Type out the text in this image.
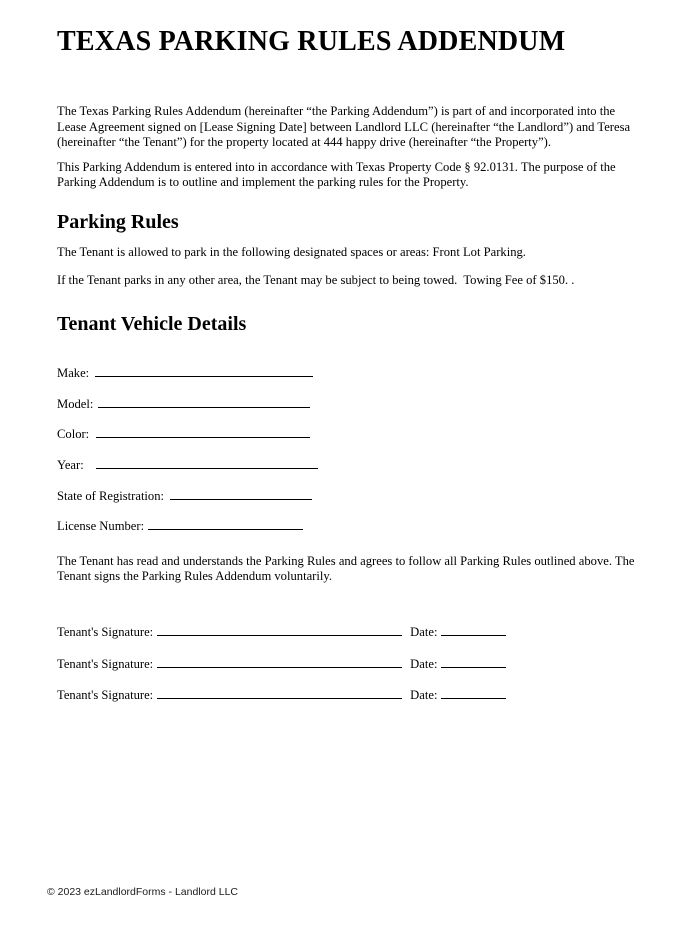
TEXAS PARKING RULES ADDENDUM

The Texas Parking Rules Addendum (hereinafter “the Parking Addendum”) is part of and incorporated into the Lease Agreement signed on [Lease Signing Date] between Landlord LLC (hereinafter “the Landlord”) and Teresa (hereinafter “the Tenant”) for the property located at 444 happy drive (hereinafter “the Property”).

This Parking Addendum is entered into in accordance with Texas Property Code § 92.0131. The purpose of the Parking Addendum is to outline and implement the parking rules for the Property.

Parking Rules

The Tenant is allowed to park in the following designated spaces or areas: Front Lot Parking.

If the Tenant parks in any other area, the Tenant may be subject to being towed.  Towing Fee of $150. .

Tenant Vehicle Details
Make:
Model:
Color:
Year:
State of Registration:
License Number:

The Tenant has read and understands the Parking Rules and agrees to follow all Parking Rules outlined above. The Tenant signs the Parking Rules Addendum voluntarily.

Tenant's Signature:	Date:
Tenant's Signature:	Date:
Tenant's Signature:	Date:
© 2023 ezLandlordForms - Landlord LLC
